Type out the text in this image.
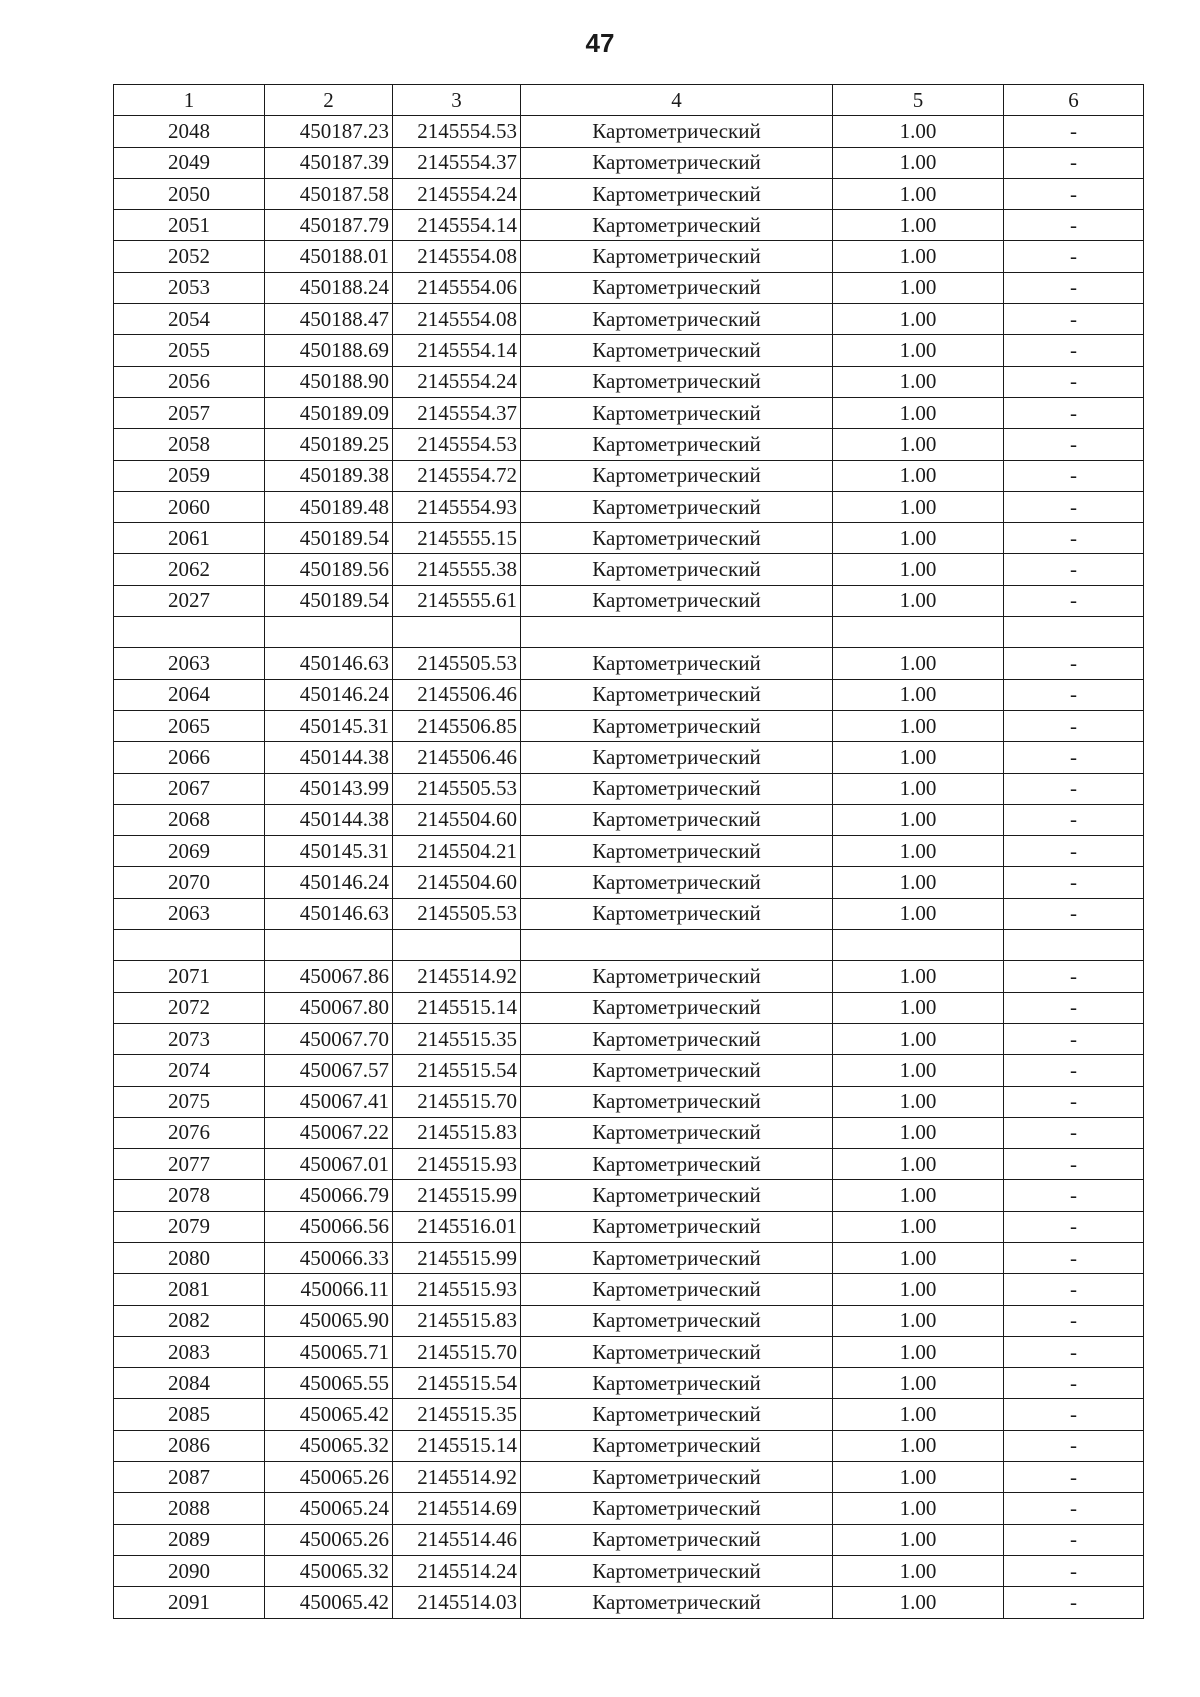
47
1	2	3	4	5	6
2048	450187.23	2145554.53	Картометрический	1.00	-
2049	450187.39	2145554.37	Картометрический	1.00	-
2050	450187.58	2145554.24	Картометрический	1.00	-
2051	450187.79	2145554.14	Картометрический	1.00	-
2052	450188.01	2145554.08	Картометрический	1.00	-
2053	450188.24	2145554.06	Картометрический	1.00	-
2054	450188.47	2145554.08	Картометрический	1.00	-
2055	450188.69	2145554.14	Картометрический	1.00	-
2056	450188.90	2145554.24	Картометрический	1.00	-
2057	450189.09	2145554.37	Картометрический	1.00	-
2058	450189.25	2145554.53	Картометрический	1.00	-
2059	450189.38	2145554.72	Картометрический	1.00	-
2060	450189.48	2145554.93	Картометрический	1.00	-
2061	450189.54	2145555.15	Картометрический	1.00	-
2062	450189.56	2145555.38	Картометрический	1.00	-
2027	450189.54	2145555.61	Картометрический	1.00	-

2063	450146.63	2145505.53	Картометрический	1.00	-
2064	450146.24	2145506.46	Картометрический	1.00	-
2065	450145.31	2145506.85	Картометрический	1.00	-
2066	450144.38	2145506.46	Картометрический	1.00	-
2067	450143.99	2145505.53	Картометрический	1.00	-
2068	450144.38	2145504.60	Картометрический	1.00	-
2069	450145.31	2145504.21	Картометрический	1.00	-
2070	450146.24	2145504.60	Картометрический	1.00	-
2063	450146.63	2145505.53	Картометрический	1.00	-

2071	450067.86	2145514.92	Картометрический	1.00	-
2072	450067.80	2145515.14	Картометрический	1.00	-
2073	450067.70	2145515.35	Картометрический	1.00	-
2074	450067.57	2145515.54	Картометрический	1.00	-
2075	450067.41	2145515.70	Картометрический	1.00	-
2076	450067.22	2145515.83	Картометрический	1.00	-
2077	450067.01	2145515.93	Картометрический	1.00	-
2078	450066.79	2145515.99	Картометрический	1.00	-
2079	450066.56	2145516.01	Картометрический	1.00	-
2080	450066.33	2145515.99	Картометрический	1.00	-
2081	450066.11	2145515.93	Картометрический	1.00	-
2082	450065.90	2145515.83	Картометрический	1.00	-
2083	450065.71	2145515.70	Картометрический	1.00	-
2084	450065.55	2145515.54	Картометрический	1.00	-
2085	450065.42	2145515.35	Картометрический	1.00	-
2086	450065.32	2145515.14	Картометрический	1.00	-
2087	450065.26	2145514.92	Картометрический	1.00	-
2088	450065.24	2145514.69	Картометрический	1.00	-
2089	450065.26	2145514.46	Картометрический	1.00	-
2090	450065.32	2145514.24	Картометрический	1.00	-
2091	450065.42	2145514.03	Картометрический	1.00	-
